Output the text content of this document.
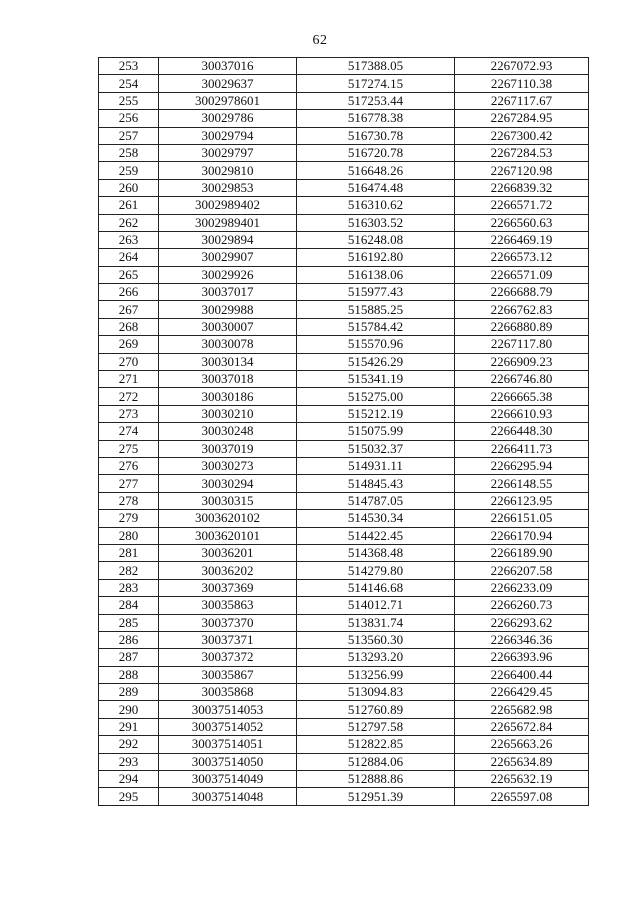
62
253	30037016	517388.05	2267072.93
254	30029637	517274.15	2267110.38
255	3002978601	517253.44	2267117.67
256	30029786	516778.38	2267284.95
257	30029794	516730.78	2267300.42
258	30029797	516720.78	2267284.53
259	30029810	516648.26	2267120.98
260	30029853	516474.48	2266839.32
261	3002989402	516310.62	2266571.72
262	3002989401	516303.52	2266560.63
263	30029894	516248.08	2266469.19
264	30029907	516192.80	2266573.12
265	30029926	516138.06	2266571.09
266	30037017	515977.43	2266688.79
267	30029988	515885.25	2266762.83
268	30030007	515784.42	2266880.89
269	30030078	515570.96	2267117.80
270	30030134	515426.29	2266909.23
271	30037018	515341.19	2266746.80
272	30030186	515275.00	2266665.38
273	30030210	515212.19	2266610.93
274	30030248	515075.99	2266448.30
275	30037019	515032.37	2266411.73
276	30030273	514931.11	2266295.94
277	30030294	514845.43	2266148.55
278	30030315	514787.05	2266123.95
279	3003620102	514530.34	2266151.05
280	3003620101	514422.45	2266170.94
281	30036201	514368.48	2266189.90
282	30036202	514279.80	2266207.58
283	30037369	514146.68	2266233.09
284	30035863	514012.71	2266260.73
285	30037370	513831.74	2266293.62
286	30037371	513560.30	2266346.36
287	30037372	513293.20	2266393.96
288	30035867	513256.99	2266400.44
289	30035868	513094.83	2266429.45
290	30037514053	512760.89	2265682.98
291	30037514052	512797.58	2265672.84
292	30037514051	512822.85	2265663.26
293	30037514050	512884.06	2265634.89
294	30037514049	512888.86	2265632.19
295	30037514048	512951.39	2265597.08
